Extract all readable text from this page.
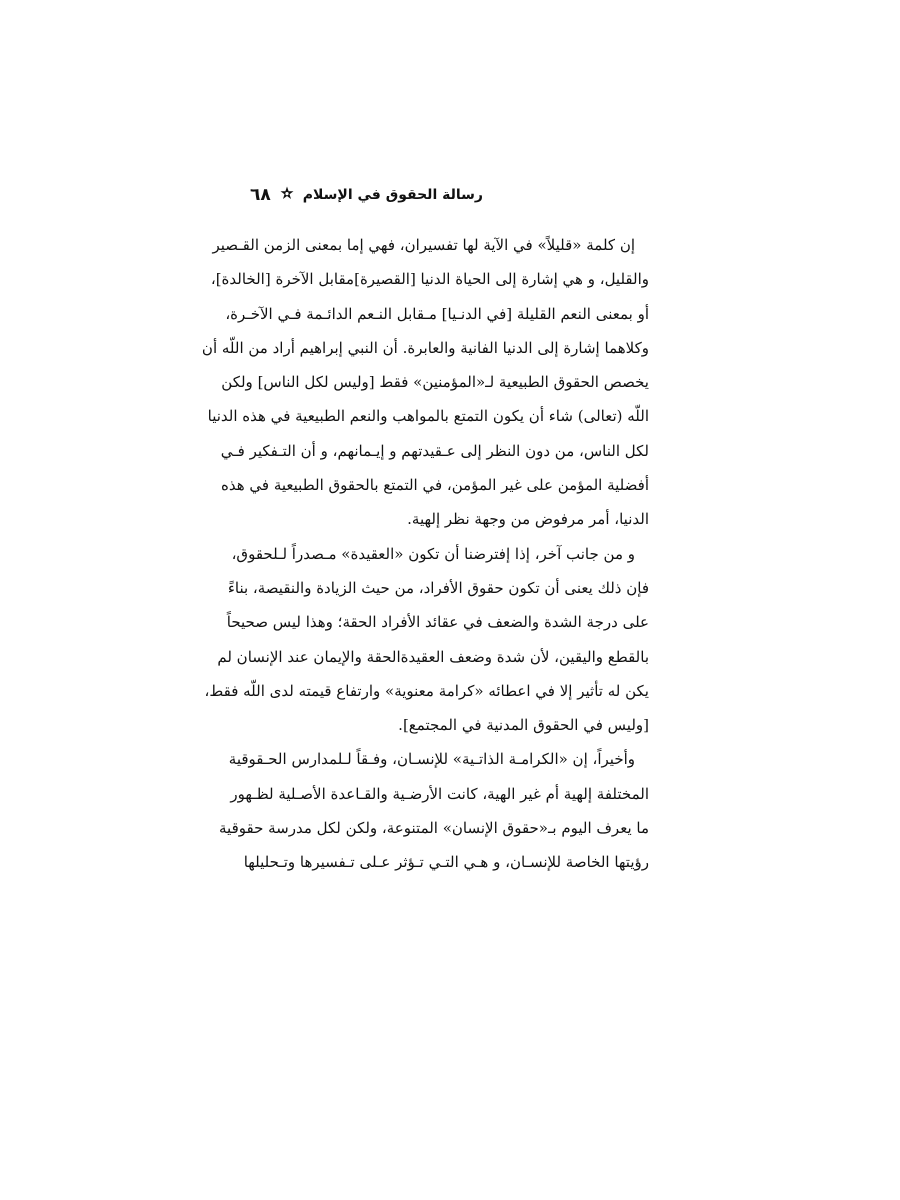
رسالة الحقوق في الإسلام
٦٨
إن كلمة «قليلاً» في الآية لها تفسيران، فهي إما بمعنى الزمن القـصير
والقليل، و هي إشارة إلى الحياة الدنيا [القصيرة]مقابل الآخرة [الخالدة]،
أو بمعنى النعم القليلة [في الدنـيا] مـقابل النـعم الدائـمة فـي الآخـرة،
وكلاهما إشارة إلى الدنيا الفانية والعابرة. أن النبي إبراهيم أراد من اللّه أن
يخصص الحقوق الطبيعية لـ«المؤمنين» فقط [وليس لكل الناس] ولكن
اللّه (تعالى) شاء أن يكون التمتع بالمواهب والنعم الطبيعية في هذه الدنيا
لكل الناس، من دون النظر إلى عـقيدتهم و إيـمانهم، و أن التـفكير فـي
أفضلية المؤمن على غير المؤمن، في التمتع بالحقوق الطبيعية في هذه
الدنيا، أمر مرفوض من وجهة نظر إلهية.
و من جانب آخر، إذا إفترضنا أن تكون «العقيدة» مـصدراً لـلحقوق،
فإن ذلك يعنى أن تكون حقوق الأفراد، من حيث الزيادة والنقيصة، بناءً
على درجة الشدة والضعف في عقائد الأفراد الحقة؛ وهذا ليس صحيحاً
بالقطع واليقين، لأن شدة وضعف العقيدةالحقة والإيمان عند الإنسان لم
يكن له تأثير إلا في اعطائه «كرامة معنوية» وارتفاع قيمته لدى اللّه فقط،
[وليس في الحقوق المدنية في المجتمع].
وأخيراً، إن «الكرامـة الذاتـية» للإنسـان، وفـقاً لـلمدارس الحـقوقية
المختلفة إلهية أم غير الهية، كانت الأرضـية والقـاعدة الأصـلية لظـهور
ما يعرف اليوم بـ«حقوق الإنسان» المتنوعة، ولكن لكل مدرسة حقوقية
رؤيتها الخاصة للإنسـان، و هـي التـي تـؤثر عـلى تـفسيرها وتـحليلها
